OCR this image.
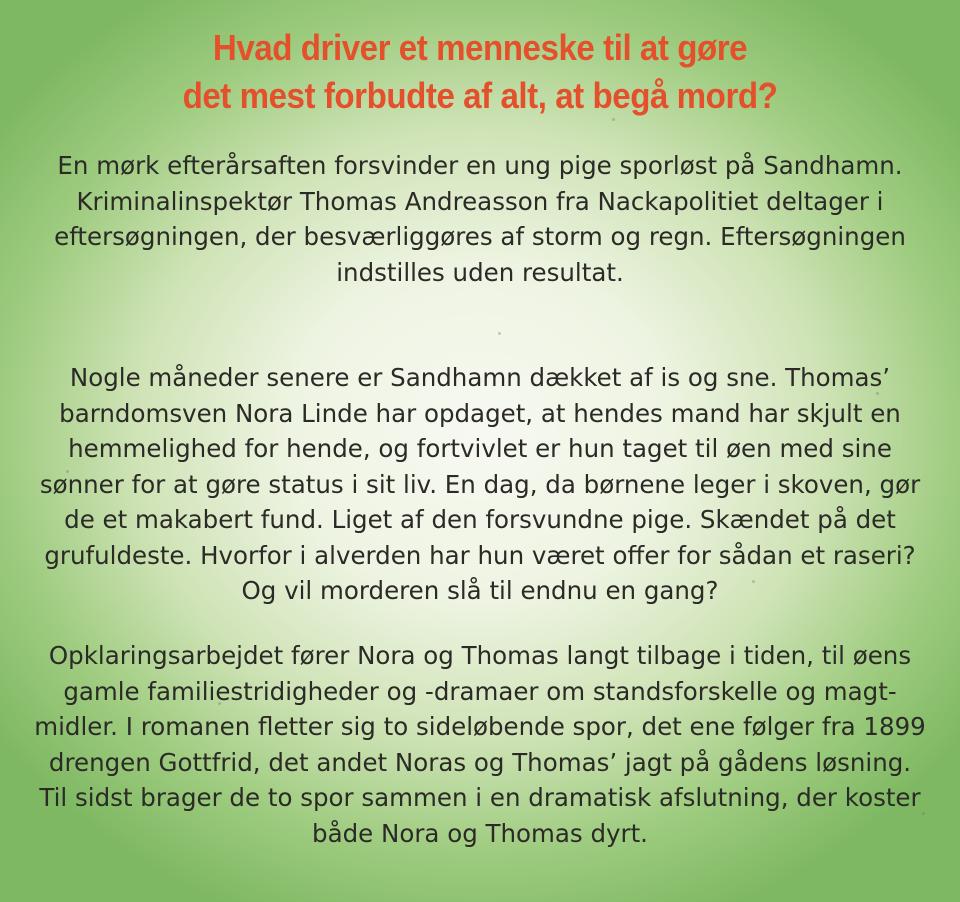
Hvad driver et menneske til at gøre
det mest forbudte af alt, at begå mord?
En mørk efterårsaften forsvinder en ung pige sporløst på Sandhamn.
Kriminalinspektør Thomas Andreasson fra Nackapolitiet deltager i
eftersøgningen, der besværliggøres af storm og regn. Eftersøgningen
indstilles uden resultat.
Nogle måneder senere er Sandhamn dækket af is og sne. Thomas’
barndomsven Nora Linde har opdaget, at hendes mand har skjult en
hemmelighed for hende, og fortvivlet er hun taget til øen med sine
sønner for at gøre status i sit liv. En dag, da børnene leger i skoven, gør
de et makabert fund. Liget af den forsvundne pige. Skændet på det
grufuldeste. Hvorfor i alverden har hun været offer for sådan et raseri?
Og vil morderen slå til endnu en gang?
Opklaringsarbejdet fører Nora og Thomas langt tilbage i tiden, til øens
gamle familiestridigheder og -dramaer om standsforskelle og magt-
midler. I romanen fletter sig to sideløbende spor, det ene følger fra 1899
drengen Gottfrid, det andet Noras og Thomas’ jagt på gådens løsning.
Til sidst brager de to spor sammen i en dramatisk afslutning, der koster
både Nora og Thomas dyrt.
